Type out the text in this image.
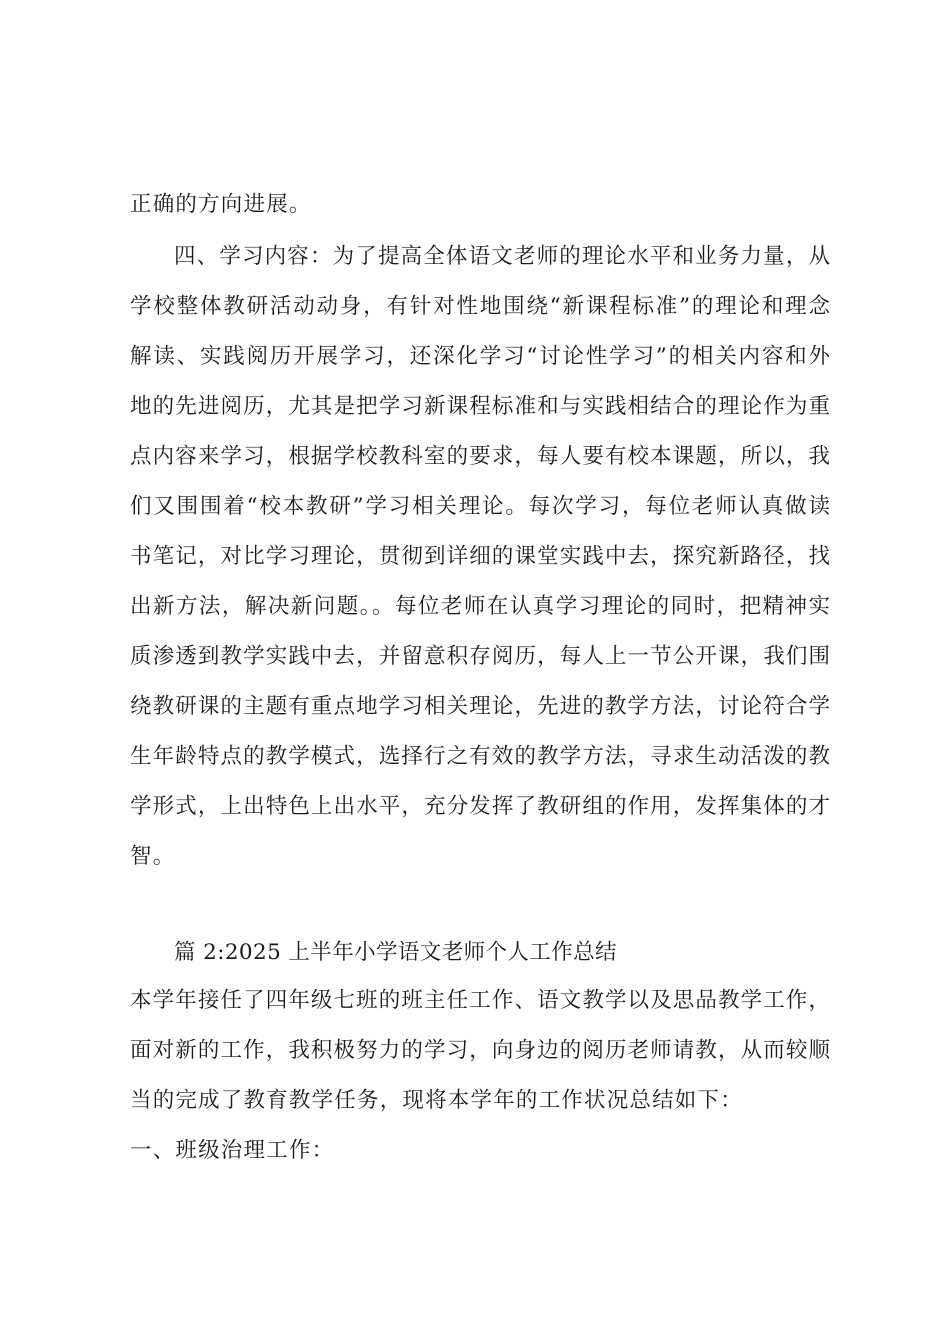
正确的方向进展。
四、学习内容：为了提高全体语文老师的理论水平和业务力量，从
学校整体教研活动动身，有针对性地围绕“新课程标准”的理论和理念
解读、实践阅历开展学习，还深化学习“讨论性学习”的相关内容和外
地的先进阅历，尤其是把学习新课程标准和与实践相结合的理论作为重
点内容来学习，根据学校教科室的要求，每人要有校本课题，所以，我
们又围围着“校本教研”学习相关理论。每次学习，每位老师认真做读
书笔记，对比学习理论，贯彻到详细的课堂实践中去，探究新路径，找
出新方法，解决新问题。。每位老师在认真学习理论的同时，把精神实
质渗透到教学实践中去，并留意积存阅历，每人上一节公开课，我们围
绕教研课的主题有重点地学习相关理论，先进的教学方法，讨论符合学
生年龄特点的教学模式，选择行之有效的教学方法，寻求生动活泼的教
学形式，上出特色上出水平，充分发挥了教研组的作用，发挥集体的才
智。
篇 2:2025 上半年小学语文老师个人工作总结
本学年接任了四年级七班的班主任工作、语文教学以及思品教学工作，
面对新的工作，我积极努力的学习，向身边的阅历老师请教，从而较顺
当的完成了教育教学任务，现将本学年的工作状况总结如下：
一、班级治理工作：
